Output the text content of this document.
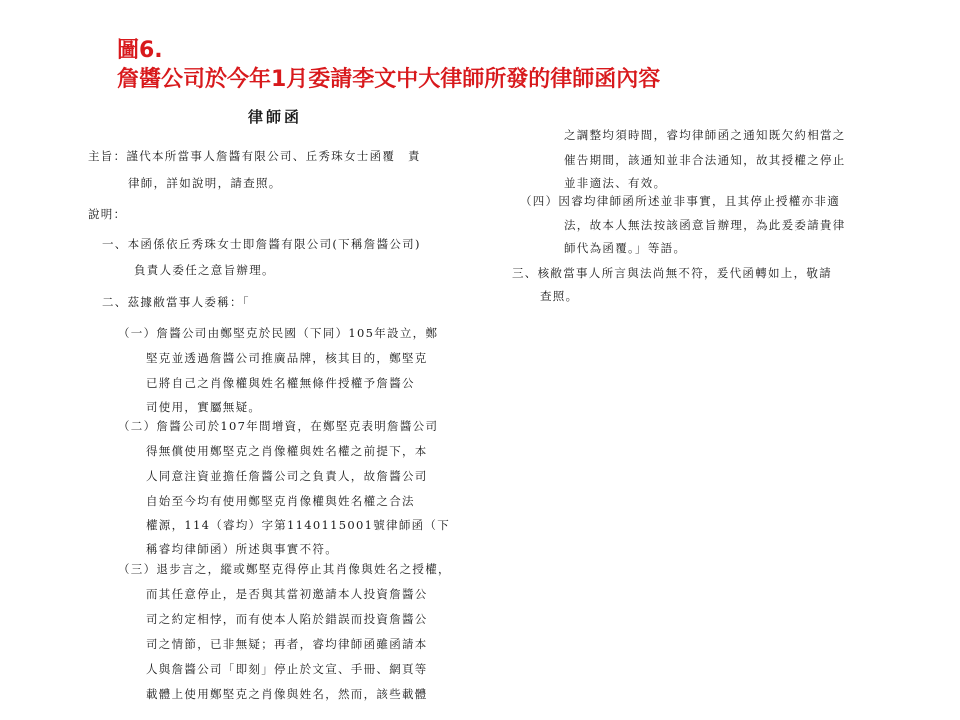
圖6.
詹醬公司於今年1月委請李文中大律師所發的律師函內容
律師函
主旨：謹代本所當事人詹醬有限公司、丘秀珠女士函覆　責
律師，詳如說明，請查照。
說明：
一、本函係依丘秀珠女士即詹醬有限公司(下稱詹醬公司)
負責人委任之意旨辦理。
二、茲據敝當事人委稱：「
（一）詹醬公司由鄭堅克於民國（下同）105年設立，鄭
堅克並透過詹醬公司推廣品牌，核其目的，鄭堅克
已將自己之肖像權與姓名權無條件授權予詹醬公
司使用，實屬無疑。
（二）詹醬公司於107年間增資，在鄭堅克表明詹醬公司
得無償使用鄭堅克之肖像權與姓名權之前提下，本
人同意注資並擔任詹醬公司之負責人，故詹醬公司
自始至今均有使用鄭堅克肖像權與姓名權之合法
權源，114（睿均）字第1140115001號律師函（下
稱睿均律師函）所述與事實不符。
（三）退步言之，縱或鄭堅克得停止其肖像與姓名之授權，
而其任意停止，是否與其當初邀請本人投資詹醬公
司之約定相悖，而有使本人陷於錯誤而投資詹醬公
司之情節，已非無疑；再者，睿均律師函雖函請本
人與詹醬公司「即刻」停止於文宣、手冊、網頁等
載體上使用鄭堅克之肖像與姓名，然而，該些載體
之調整均須時間，睿均律師函之通知既欠約相當之
催告期間，該通知並非合法通知，故其授權之停止
並非適法、有效。
（四）因睿均律師函所述並非事實，且其停止授權亦非適
法，故本人無法按該函意旨辦理，為此爰委請貴律
師代為函覆。」等語。
三、核敝當事人所言與法尚無不符，爰代函轉如上，敬請
查照。
